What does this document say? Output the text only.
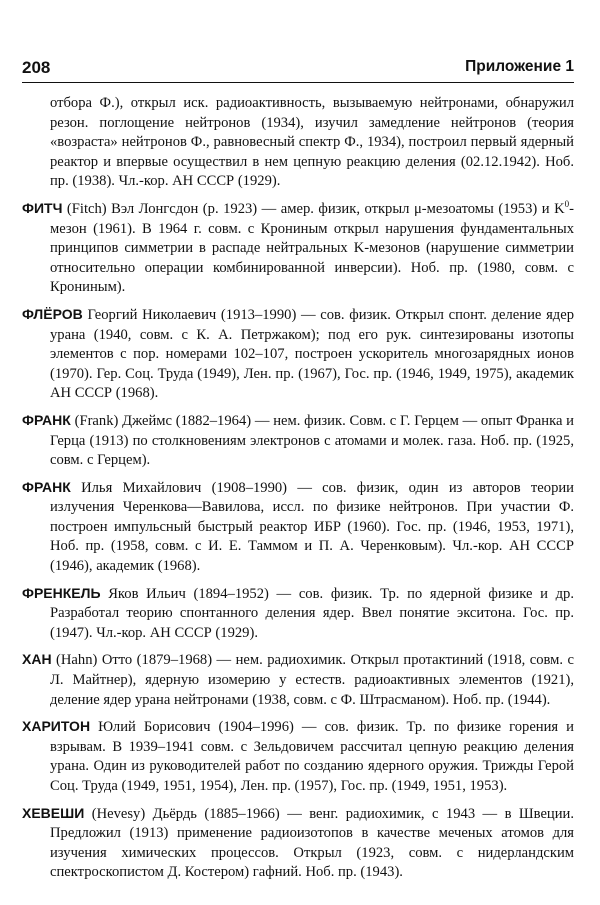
208	Приложение 1

отбора Ф.), открыл иск. радиоактивность, вызываемую нейтронами, обнаружил резон. поглощение нейтронов (1934), изучил замедление нейтронов (теория «возраста» нейтронов Ф., равновесный спектр Ф., 1934), построил первый ядерный реактор и впервые осуществил в нем цепную реакцию деления (02.12.1942). Ноб. пр. (1938). Чл.-кор. АН СССР (1929).

ФИТЧ (Fitch) Вэл Лонгсдон (р. 1923) — амер. физик, открыл μ-мезоатомы (1953) и $K^0$-мезон (1961). В 1964 г. совм. с Крониным открыл нарушения фундаментальных принципов симметрии в распаде нейтральных K-мезонов (нарушение симметрии относительно операции комбинированной инверсии). Ноб. пр. (1980, совм. с Крониным).

ФЛЁРОВ Георгий Николаевич (1913–1990) — сов. физик. Открыл спонт. деление ядер урана (1940, совм. с К. А. Петржаком); под его рук. синтезированы изотопы элементов с пор. номерами 102–107, построен ускоритель многозарядных ионов (1970). Гер. Соц. Труда (1949), Лен. пр. (1967), Гос. пр. (1946, 1949, 1975), академик АН СССР (1968).

ФРАНК (Frank) Джеймс (1882–1964) — нем. физик. Совм. с Г. Герцем — опыт Франка и Герца (1913) по столкновениям электронов с атомами и молек. газа. Ноб. пр. (1925, совм. с Герцем).

ФРАНК Илья Михайлович (1908–1990) — сов. физик, один из авторов теории излучения Черенкова—Вавилова, иссл. по физике нейтронов. При участии Ф. построен импульсный быстрый реактор ИБР (1960). Гос. пр. (1946, 1953, 1971), Ноб. пр. (1958, совм. с И. Е. Таммом и П. А. Черенковым). Чл.-кор. АН СССР (1946), академик (1968).

ФРЕНКЕЛЬ Яков Ильич (1894–1952) — сов. физик. Тр. по ядерной физике и др. Разработал теорию спонтанного деления ядер. Ввел понятие экситона. Гос. пр. (1947). Чл.-кор. АН СССР (1929).

ХАН (Hahn) Отто (1879–1968) — нем. радиохимик. Открыл протактиний (1918, совм. с Л. Майтнер), ядерную изомерию у естеств. радиоактивных элементов (1921), деление ядер урана нейтронами (1938, совм. с Ф. Штрасманом). Ноб. пр. (1944).

ХАРИТОН Юлий Борисович (1904–1996) — сов. физик. Тр. по физике горения и взрывам. В 1939–1941 совм. с Зельдовичем рассчитал цепную реакцию деления урана. Один из руководителей работ по созданию ядерного оружия. Трижды Герой Соц. Труда (1949, 1951, 1954), Лен. пр. (1957), Гос. пр. (1949, 1951, 1953).

ХЕВЕШИ (Hevesy) Дьёрдь (1885–1966) — венг. радиохимик, с 1943 — в Швеции. Предложил (1913) применение радиоизотопов в качестве меченых атомов для изучения химических процессов. Открыл (1923, совм. с нидерландским спектроскопистом Д. Костером) гафний. Ноб. пр. (1943).
